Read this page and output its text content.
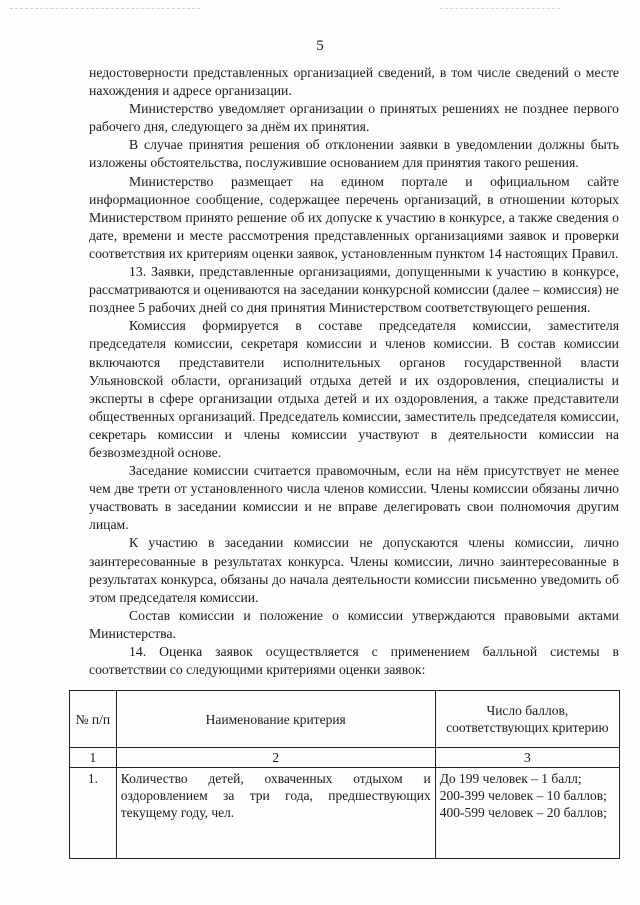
5

недостоверности представленных организацией сведений, в том числе сведений о месте нахождения и адресе организации.

Министерство уведомляет организации о принятых решениях не позднее первого рабочего дня, следующего за днём их принятия.

В случае принятия решения об отклонении заявки в уведомлении должны быть изложены обстоятельства, послужившие основанием для принятия такого решения.

Министерство размещает на едином портале и официальном сайте информационное сообщение, содержащее перечень организаций, в отношении которых Министерством принято решение об их допуске к участию в конкурсе, а также сведения о дате, времени и месте рассмотрения представленных организациями заявок и проверки соответствия их критериям оценки заявок, установленным пунктом 14 настоящих Правил.

13. Заявки, представленные организациями, допущенными к участию в конкурсе, рассматриваются и оцениваются на заседании конкурсной комиссии (далее – комиссия) не позднее 5 рабочих дней со дня принятия Министерством соответствующего решения.

Комиссия формируется в составе председателя комиссии, заместителя председателя комиссии, секретаря комиссии и членов комиссии. В состав комиссии включаются представители исполнительных органов государственной власти Ульяновской области, организаций отдыха детей и их оздоровления, специалисты и эксперты в сфере организации отдыха детей и их оздоровления, а также представители общественных организаций. Председатель комиссии, заместитель председателя комиссии, секретарь комиссии и члены комиссии участвуют в деятельности комиссии на безвозмездной основе.

Заседание комиссии считается правомочным, если на нём присутствует не менее чем две трети от установленного числа членов комиссии. Члены комиссии обязаны лично участвовать в заседании комиссии и не вправе делегировать свои полномочия другим лицам.

К участию в заседании комиссии не допускаются члены комиссии, лично заинтересованные в результатах конкурса. Члены комиссии, лично заинтересованные в результатах конкурса, обязаны до начала деятельности комиссии письменно уведомить об этом председателя комиссии.

Состав комиссии и положение о комиссии утверждаются правовыми актами Министерства.

14. Оценка заявок осуществляется с применением балльной системы в соответствии со следующими критериями оценки заявок:

№ п/п	Наименование критерия	Число баллов, соответствующих критерию
1	2	3
1.	Количество детей, охваченных отдыхом и оздоровлением за три года, предшествующих текущему году, чел.	До 199 человек – 1 балл;
200-399 человек – 10 баллов;
400-599 человек – 20 баллов;
